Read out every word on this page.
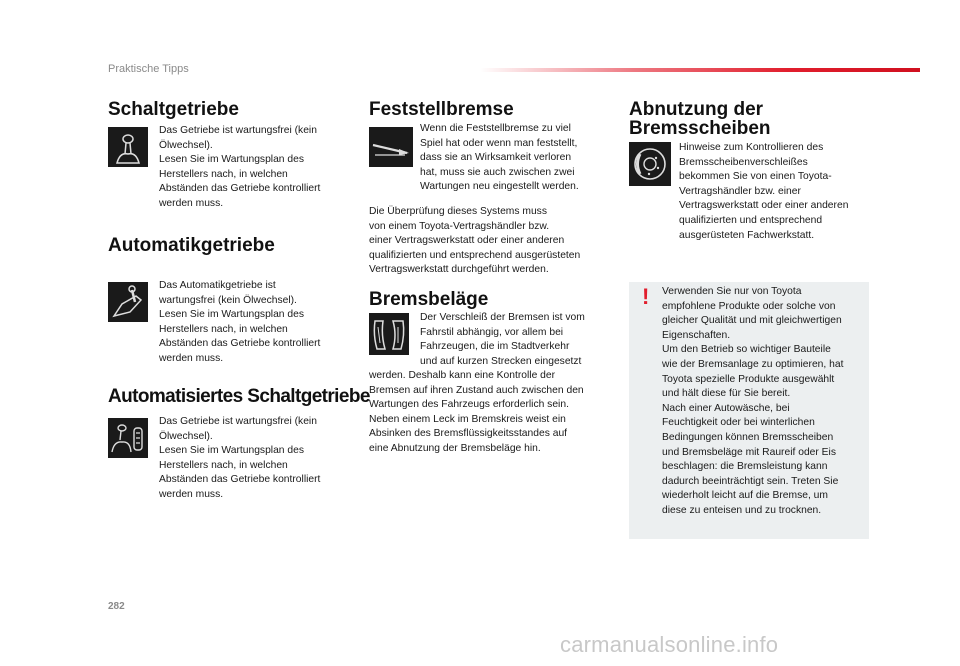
Praktische Tipps
Schaltgetriebe
Das Getriebe ist wartungsfrei (kein
Ölwechsel).
Lesen Sie im Wartungsplan des
Herstellers nach, in welchen
Abständen das Getriebe kontrolliert
werden muss.
Automatikgetriebe
Das Automatikgetriebe ist
wartungsfrei (kein Ölwechsel).
Lesen Sie im Wartungsplan des
Herstellers nach, in welchen
Abständen das Getriebe kontrolliert
werden muss.
Automatisiertes Schaltgetriebe
Das Getriebe ist wartungsfrei (kein
Ölwechsel).
Lesen Sie im Wartungsplan des
Herstellers nach, in welchen
Abständen das Getriebe kontrolliert
werden muss.
Feststellbremse
Wenn die Feststellbremse zu viel
Spiel hat oder wenn man feststellt,
dass sie an Wirksamkeit verloren
hat, muss sie auch zwischen zwei
Wartungen neu eingestellt werden.
Die Überprüfung dieses Systems muss
von einem Toyota-Vertragshändler bzw.
einer Vertragswerkstatt oder einer anderen
qualifizierten und entsprechend ausgerüsteten
Vertragswerkstatt durchgeführt werden.
Bremsbeläge
Der Verschleiß der Bremsen ist vom
Fahrstil abhängig, vor allem bei
Fahrzeugen, die im Stadtverkehr
und auf kurzen Strecken eingesetzt
werden. Deshalb kann eine Kontrolle der
Bremsen auf ihren Zustand auch zwischen den
Wartungen des Fahrzeugs erforderlich sein.
Neben einem Leck im Bremskreis weist ein
Absinken des Bremsflüssigkeitsstandes auf
eine Abnutzung der Bremsbeläge hin.
Abnutzung der
Bremsscheiben
Hinweise zum Kontrollieren des
Bremsscheibenverschleißes
bekommen Sie von einen Toyota-
Vertragshändler bzw. einer
Vertragswerkstatt oder einer anderen
qualifizierten und entsprechend
ausgerüsteten Fachwerkstatt.
! Verwenden Sie nur von Toyota
empfohlene Produkte oder solche von
gleicher Qualität und mit gleichwertigen
Eigenschaften.
Um den Betrieb so wichtiger Bauteile
wie der Bremsanlage zu optimieren, hat
Toyota spezielle Produkte ausgewählt
und hält diese für Sie bereit.
Nach einer Autowäsche, bei
Feuchtigkeit oder bei winterlichen
Bedingungen können Bremsscheiben
und Bremsbeläge mit Raureif oder Eis
beschlagen: die Bremsleistung kann
dadurch beeinträchtigt sein. Treten Sie
wiederholt leicht auf die Bremse, um
diese zu enteisen und zu trocknen.
282
carmanualsonline.info
